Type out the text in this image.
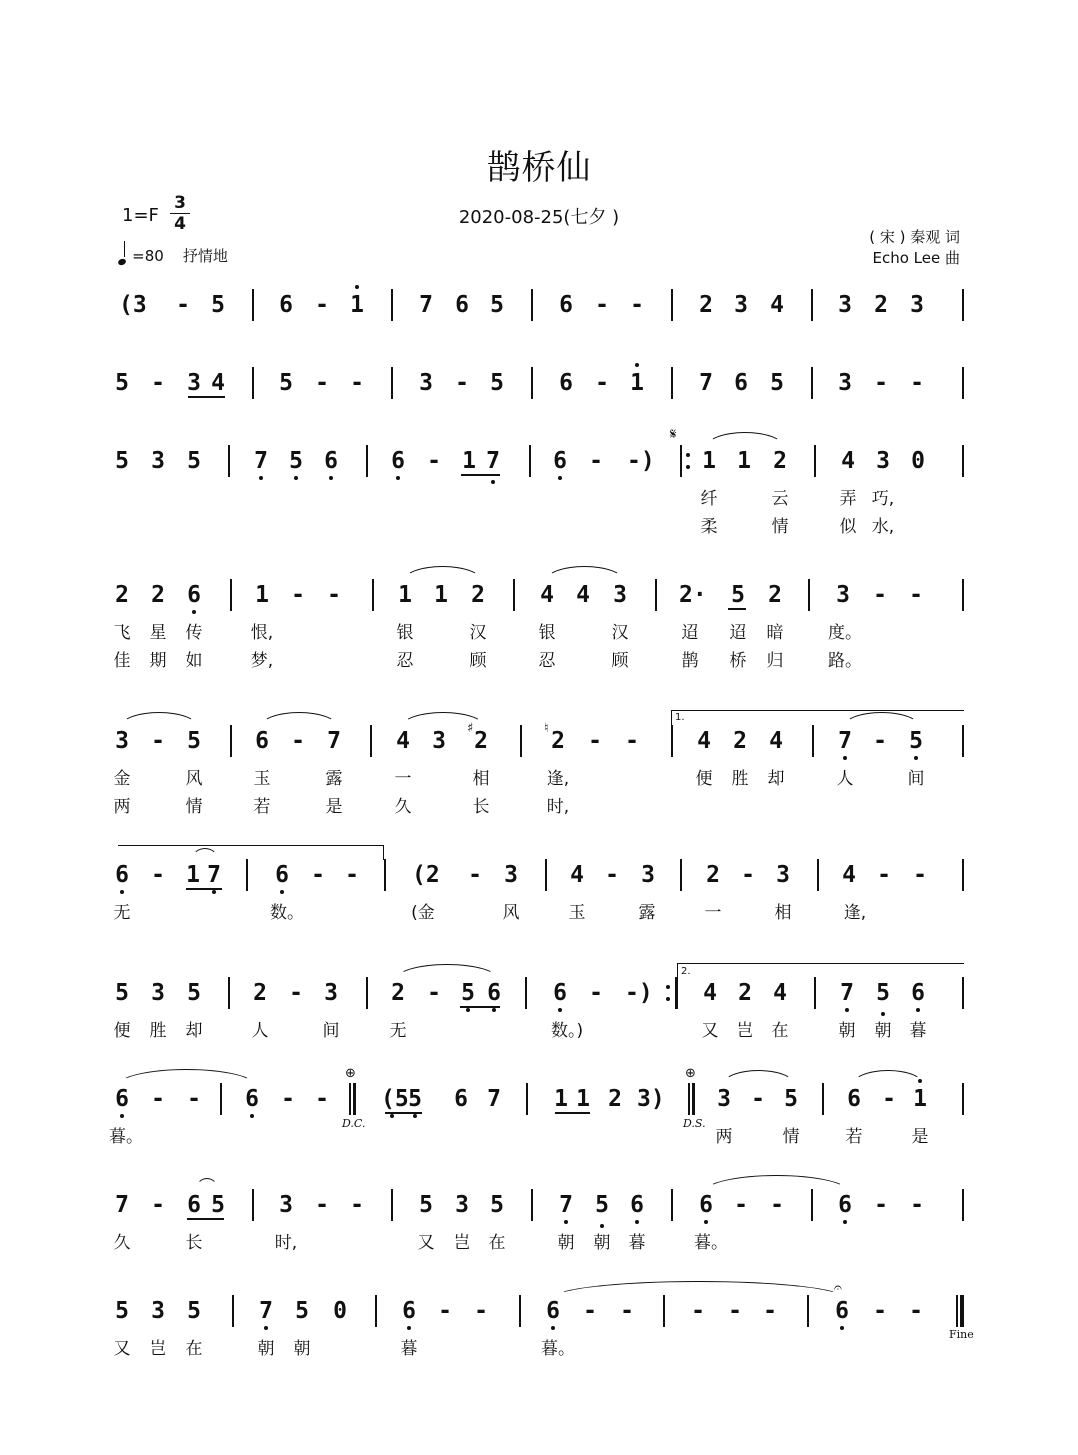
鹊桥仙
2020-08-25(七夕 )
1=F
3
4
=80 抒情地
( 宋 ) 秦观 词
Echo Lee 曲
(3 - 5 6 - 1 7 6 5 6 - - 2 3 4 3 2 3
5 - 3 4 5 - - 3 - 5 6 - 1 7 6 5 3 - -
5 3 5 7 5 6 6 - 1 7 6 - -) 1 1 2 4 3 0
𝄋
纤	云	弄 巧,
柔	情	似 水,
2 2 6 1 - - 1 1 2 4 4 3 2· 5 2 3 - -
飞	星	传	恨,	银	汉	银	汉	迢	迢	暗	度。
佳	期	如	梦,	忍	顾	忍	顾	鹊	桥	归	路。
3 - 5 6 - 7 4 3 2	2 - -	4 2 4 7 - 5
♯	♮
1.
金	风	玉	露	一	相	逢,	便	胜	却	人	间
两	情	若	是	久	长	时,
6 - 1 7 6 - - (2 - 3 4 - 3 2 - 3 4 - -
无	数。	(金	风	玉	露	一	相	逢,
5 3 5 2 - 3 2 - 5 6 6 - -) 4 2 4 7 5 6
2.
便	胜	却	人	间	无	数。)	又	岂	在	朝	朝	暮
6 - - 6 - - (5 5 6 7 1 1 2 3) 3 - 5 6 - 1
⊕
D.C.
⊕
D.S.
暮。	两	情	若	是
7 - 6 5 3 - - 5 3 5 7 5 6 6 - - 6 - -
久	长	时,	又	岂	在	朝	朝	暮	暮。
5 3 5	7 5 0 6 - -	6 - - - - -	6 - -
𝄐
Fine
又	岂	在	朝	朝	暮	暮。
